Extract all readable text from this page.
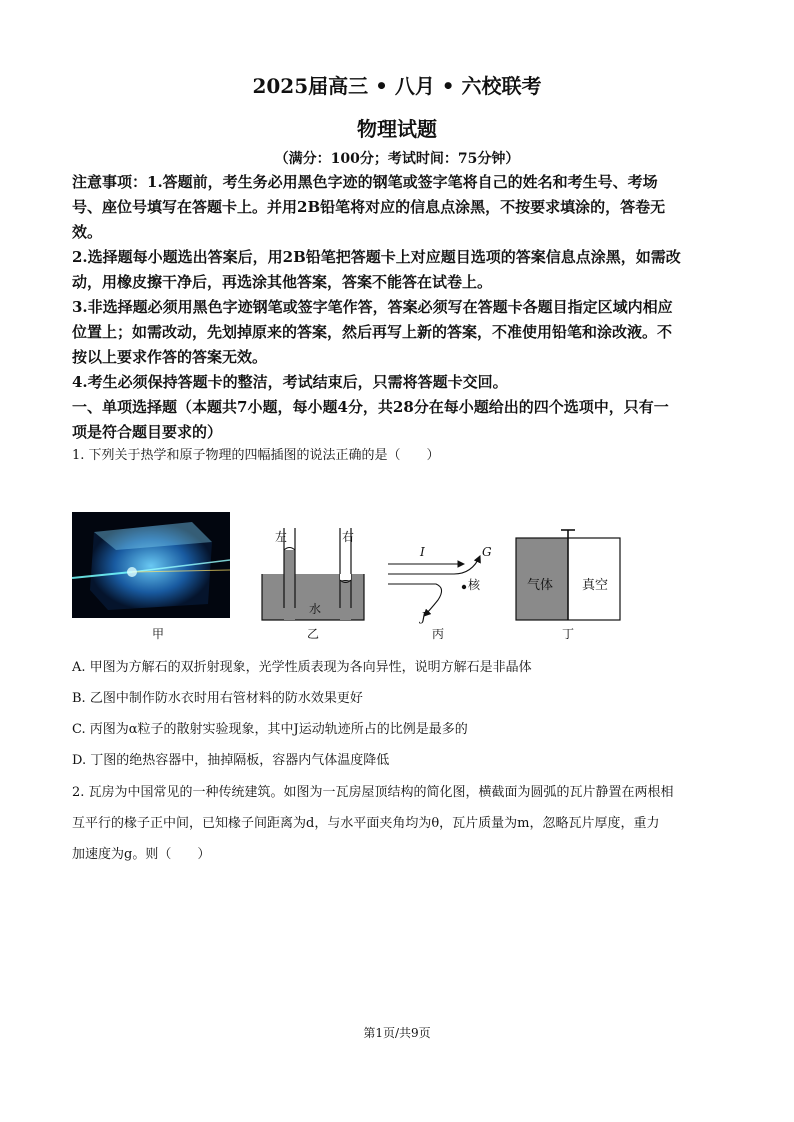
2025届高三 • 八月 • 六校联考
物理试题
（满分：100分；考试时间：75分钟）
注意事项：1.答题前，考生务必用黑色字迹的钢笔或签字笔将自己的姓名和考生号、考场
号、座位号填写在答题卡上。并用2B铅笔将对应的信息点涂黑，不按要求填涂的，答卷无
效。
2.选择题每小题选出答案后，用2B铅笔把答题卡上对应题目选项的答案信息点涂黑，如需改
动，用橡皮擦干净后，再选涂其他答案，答案不能答在试卷上。
3.非选择题必须用黑色字迹钢笔或签字笔作答，答案必须写在答题卡各题目指定区域内相应
位置上；如需改动，先划掉原来的答案，然后再写上新的答案，不准使用铅笔和涂改液。不
按以上要求作答的答案无效。
4.考生必须保持答题卡的整洁，考试结束后，只需将答题卡交回。
一、单项选择题（本题共7小题，每小题4分，共28分在每小题给出的四个选项中，只有一
项是符合题目要求的）
1. 下列关于热学和原子物理的四幅插图的说法正确的是（　　）
甲
左	右
水
乙
I	G
核
J
丙
气体 真空
丁
A. 甲图为方解石的双折射现象，光学性质表现为各向异性，说明方解石是非晶体
B. 乙图中制作防水衣时用右管材料的防水效果更好
C. 丙图为α粒子的散射实验现象，其中J运动轨迹所占的比例是最多的
D. 丁图的绝热容器中，抽掉隔板，容器内气体温度降低
2. 瓦房为中国常见的一种传统建筑。如图为一瓦房屋顶结构的简化图，横截面为圆弧的瓦片静置在两根相
互平行的椽子正中间，已知椽子间距离为d，与水平面夹角均为θ，瓦片质量为m，忽略瓦片厚度，重力
加速度为g。则（　　）
第1页/共9页
